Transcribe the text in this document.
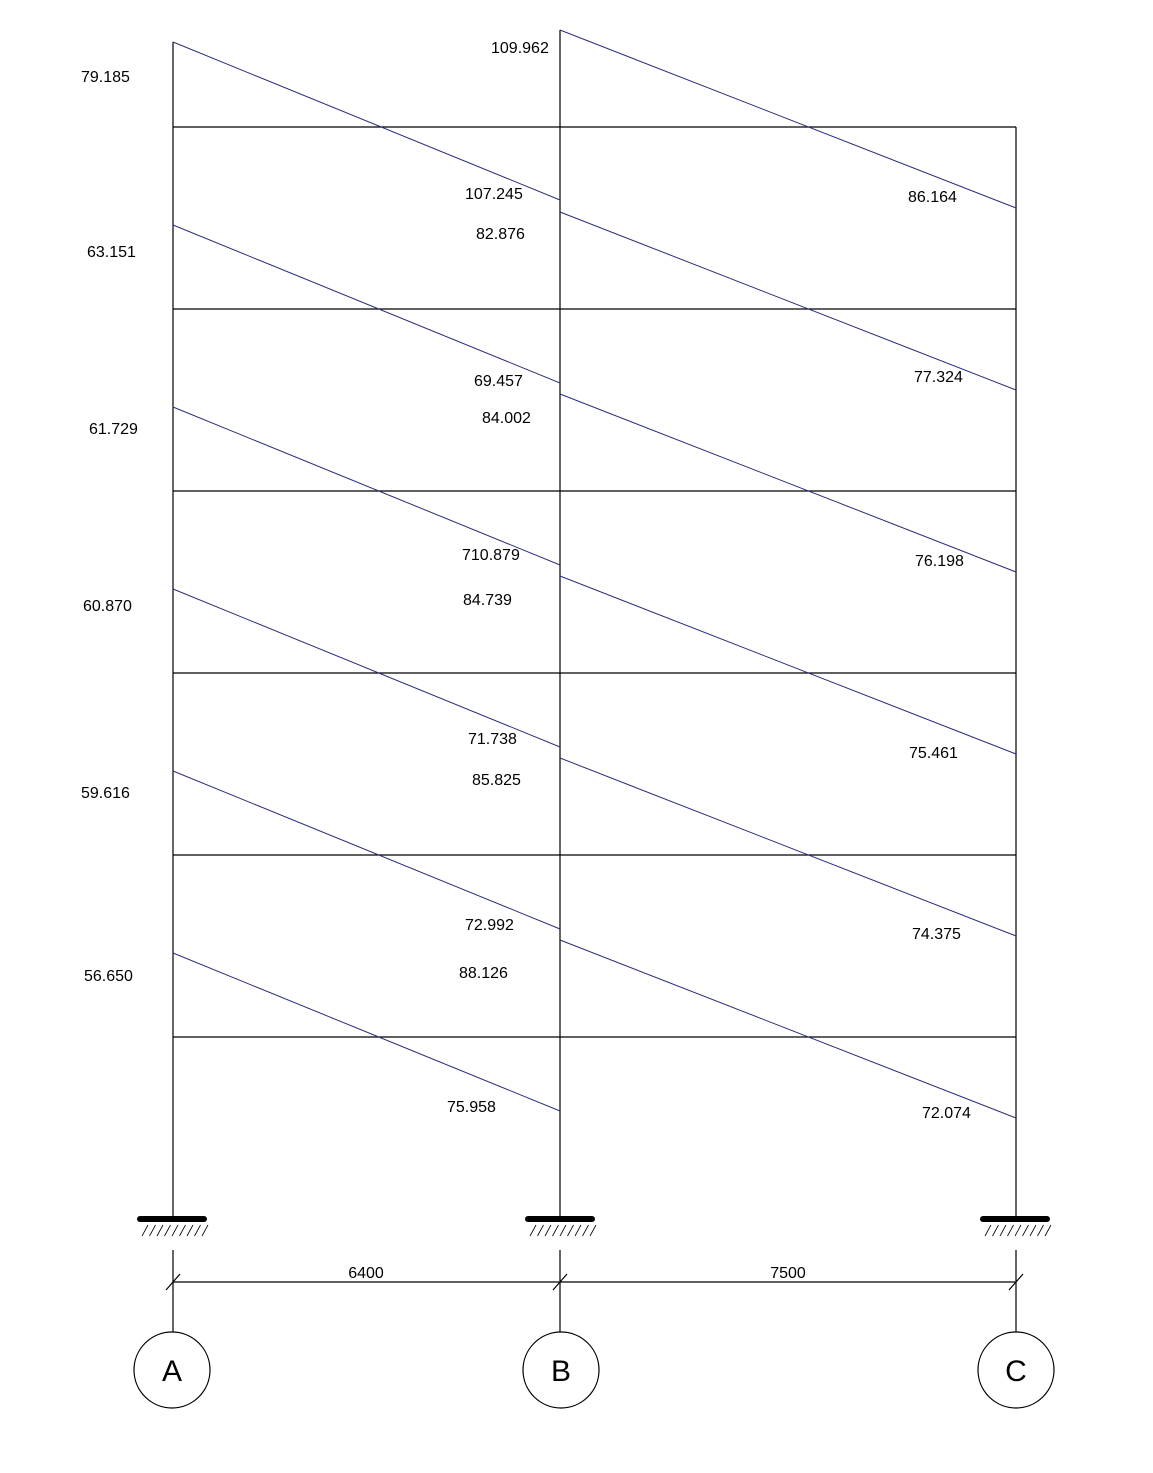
6400	7500
A	B	C
79.185
109.962
107.245	86.164
63.151
82.876
69.457	77.324
61.729
84.002
710.879	76.198
60.870	84.739
71.738
75.461
59.616
85.825
72.992
74.375
56.650	88.126
75.958	72.074
